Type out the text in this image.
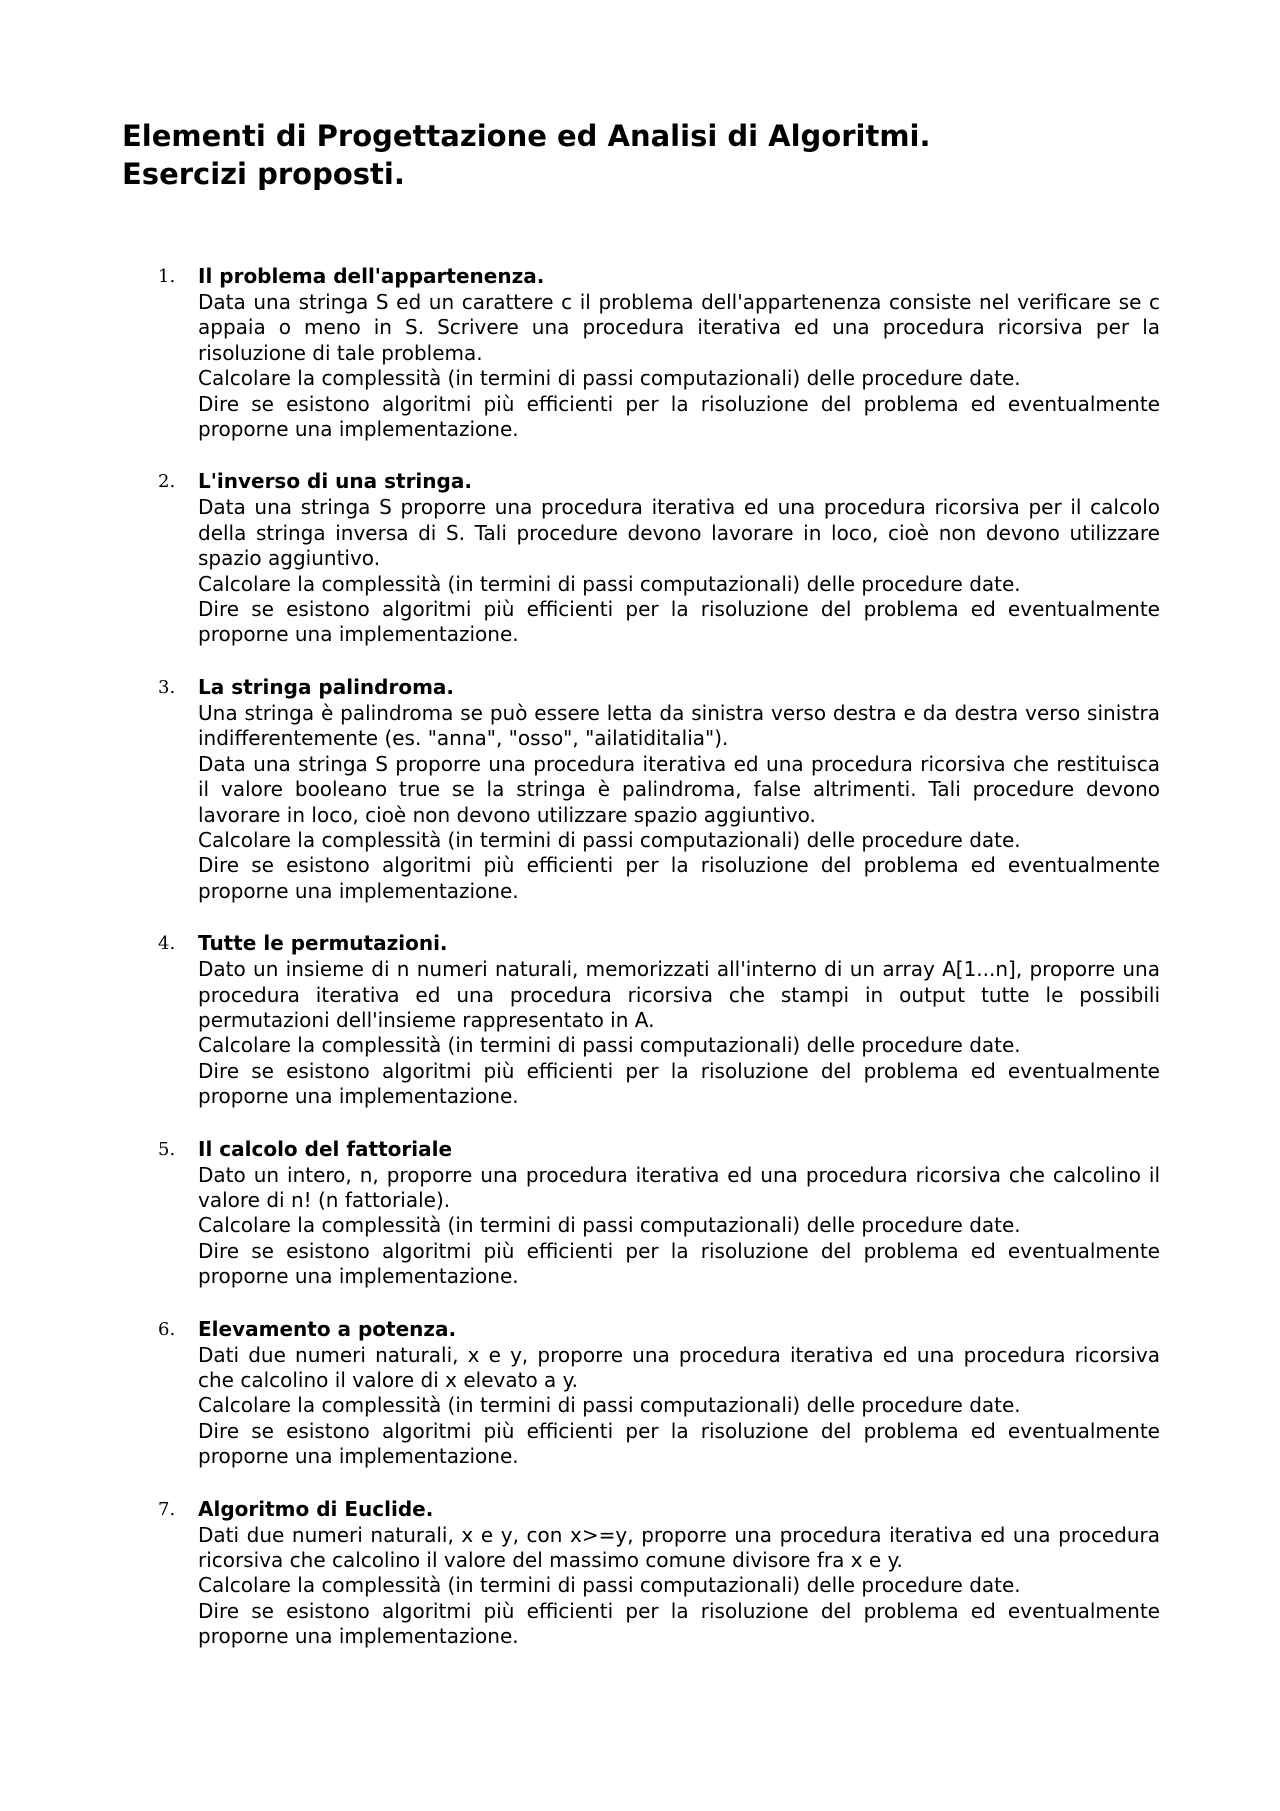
Elementi di Progettazione ed Analisi di Algoritmi.
Esercizi proposti.
1. Il problema dell'appartenenza.

Data una stringa S ed un carattere c il problema dell'appartenenza consiste nel verificare se c appaia o meno in S. Scrivere una procedura iterativa ed una procedura ricorsiva per la risoluzione di tale problema.

Calcolare la complessità (in termini di passi computazionali) delle procedure date.

Dire se esistono algoritmi più efficienti per la risoluzione del problema ed eventualmente proporne una implementazione.

2. L'inverso di una stringa.

Data una stringa S proporre una procedura iterativa ed una procedura ricorsiva per il calcolo della stringa inversa di S. Tali procedure devono lavorare in loco, cioè non devono utilizzare spazio aggiuntivo.

Calcolare la complessità (in termini di passi computazionali) delle procedure date.

Dire se esistono algoritmi più efficienti per la risoluzione del problema ed eventualmente proporne una implementazione.

3. La stringa palindroma.

Una stringa è palindroma se può essere letta da sinistra verso destra e da destra verso sinistra indifferentemente (es. "anna", "osso", "ailatiditalia").

Data una stringa S proporre una procedura iterativa ed una procedura ricorsiva che restituisca il valore booleano true se la stringa è palindroma, false altrimenti. Tali procedure devono lavorare in loco, cioè non devono utilizzare spazio aggiuntivo.

Calcolare la complessità (in termini di passi computazionali) delle procedure date.

Dire se esistono algoritmi più efficienti per la risoluzione del problema ed eventualmente proporne una implementazione.

4. Tutte le permutazioni.

Dato un insieme di n numeri naturali, memorizzati all'interno di un array A[1...n], proporre una procedura iterativa ed una procedura ricorsiva che stampi in output tutte le possibili permutazioni dell'insieme rappresentato in A.

Calcolare la complessità (in termini di passi computazionali) delle procedure date.

Dire se esistono algoritmi più efficienti per la risoluzione del problema ed eventualmente proporne una implementazione.

5. Il calcolo del fattoriale

Dato un intero, n, proporre una procedura iterativa ed una procedura ricorsiva che calcolino il valore di n! (n fattoriale).

Calcolare la complessità (in termini di passi computazionali) delle procedure date.

Dire se esistono algoritmi più efficienti per la risoluzione del problema ed eventualmente proporne una implementazione.

6. Elevamento a potenza.

Dati due numeri naturali, x e y, proporre una procedura iterativa ed una procedura ricorsiva che calcolino il valore di x elevato a y.

Calcolare la complessità (in termini di passi computazionali) delle procedure date.

Dire se esistono algoritmi più efficienti per la risoluzione del problema ed eventualmente proporne una implementazione.

7. Algoritmo di Euclide.

Dati due numeri naturali, x e y, con x>=y, proporre una procedura iterativa ed una procedura ricorsiva che calcolino il valore del massimo comune divisore fra x e y.

Calcolare la complessità (in termini di passi computazionali) delle procedure date.

Dire se esistono algoritmi più efficienti per la risoluzione del problema ed eventualmente proporne una implementazione.
